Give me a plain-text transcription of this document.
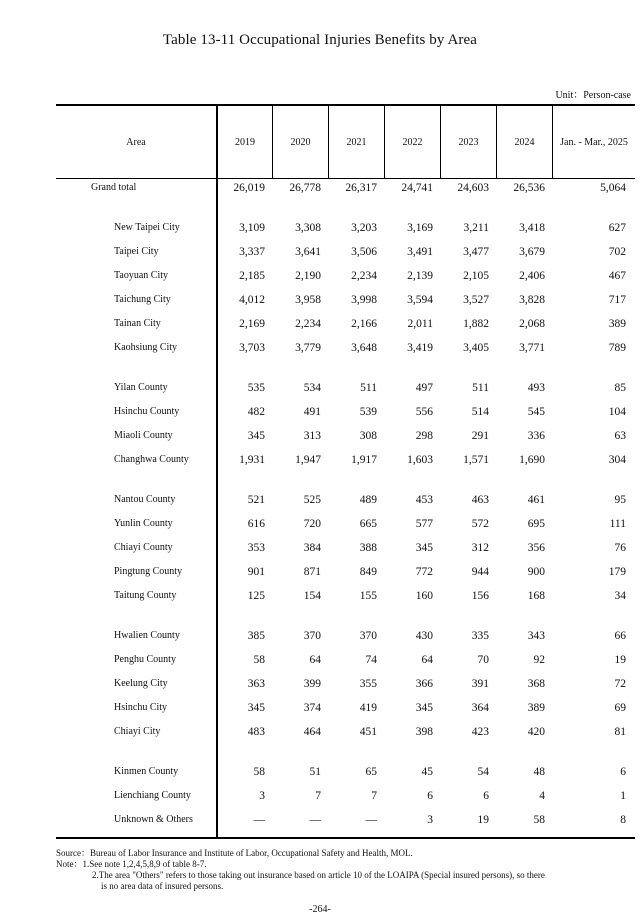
Table 13-11 Occupational Injuries Benefits by Area
Unit：Person-case
Area	2019	2020	2021	2022	2023	2024	Jan. - Mar., 2025
Grand total	26,019	26,778	26,317	24,741	24,603	26,536	5,064
New Taipei City	3,109	3,308	3,203	3,169	3,211	3,418	627
Taipei City	3,337	3,641	3,506	3,491	3,477	3,679	702
Taoyuan City	2,185	2,190	2,234	2,139	2,105	2,406	467
Taichung City	4,012	3,958	3,998	3,594	3,527	3,828	717
Tainan City	2,169	2,234	2,166	2,011	1,882	2,068	389
Kaohsiung City	3,703	3,779	3,648	3,419	3,405	3,771	789
Yilan County	535	534	511	497	511	493	85
Hsinchu County	482	491	539	556	514	545	104
Miaoli County	345	313	308	298	291	336	63
Changhwa County	1,931	1,947	1,917	1,603	1,571	1,690	304
Nantou County	521	525	489	453	463	461	95
Yunlin County	616	720	665	577	572	695	111
Chiayi County	353	384	388	345	312	356	76
Pingtung County	901	871	849	772	944	900	179
Taitung County	125	154	155	160	156	168	34
Hwalien County	385	370	370	430	335	343	66
Penghu County	58	64	74	64	70	92	19
Keelung City	363	399	355	366	391	368	72
Hsinchu City	345	374	419	345	364	389	69
Chiayi City	483	464	451	398	423	420	81
Kinmen County	58	51	65	45	54	48	6
Lienchiang County	3	7	7	6	6	4	1
Unknown & Others	—	—	—	3	19	58	8
Source：Bureau of Labor Insurance and Institute of Labor, Occupational Safety and Health, MOL.
Note：1.See note 1,2,4,5,8,9 of table 8-7.
2.The area "Others" refers to those taking out insurance based on article 10 of the LOAIPA (Special insured persons), so there
is no area data of insured persons.
-264-
